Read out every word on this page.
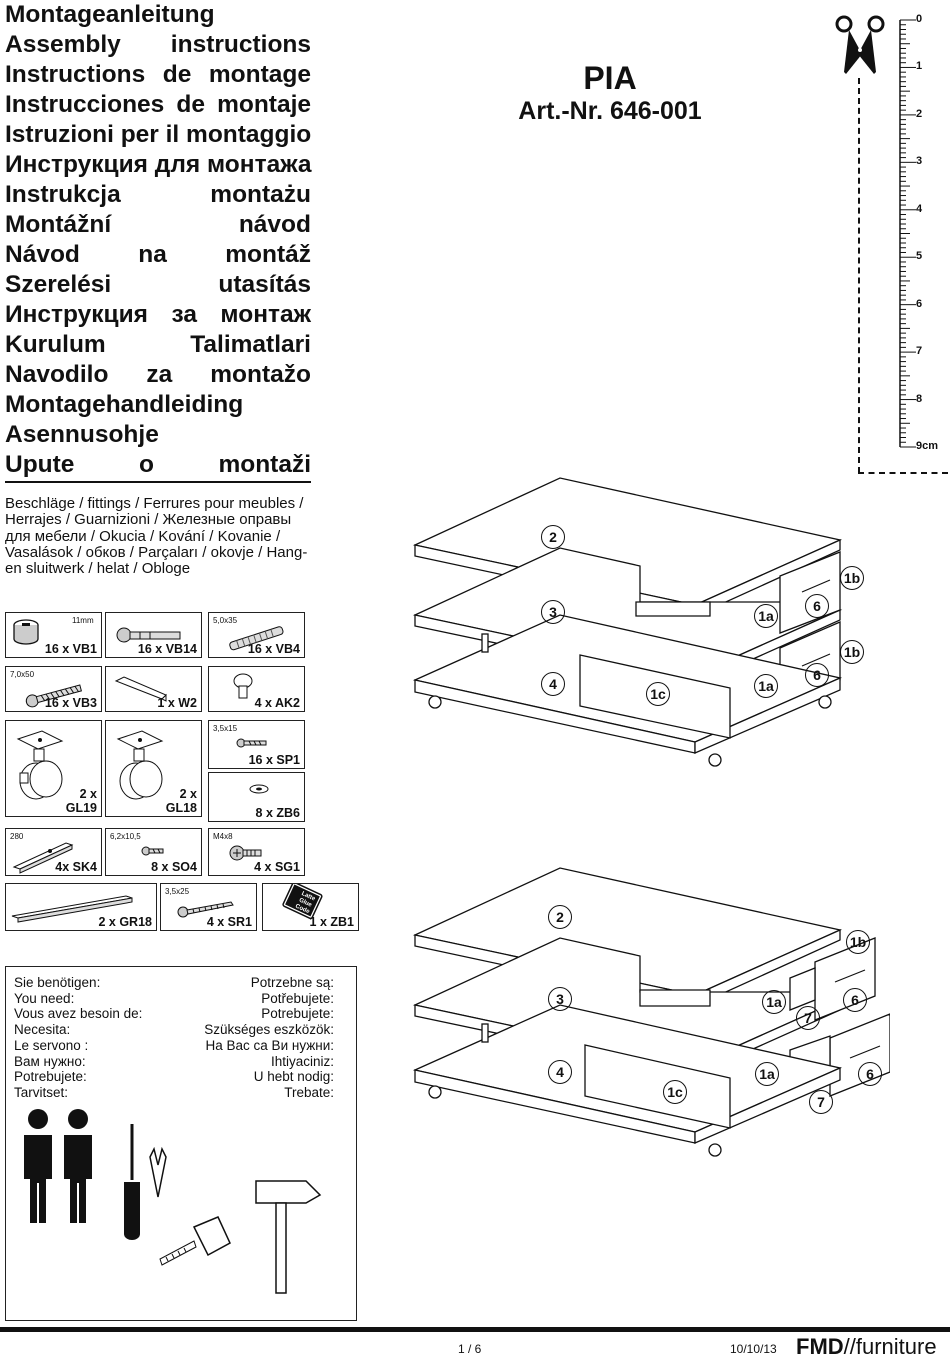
Montageanleitung
Assembly instructions
Instructions de montage
Instrucciones de montaje
Istruzioni per il montaggio
Инструкция для монтажа
Instrukcja montażu
Montážní návod
Návod na montáž
Szerelési utasítás
Инструкция за монтаж
Kurulum Talimatlari
Navodilo za montažo
Montagehandleiding
Asennusohje
Upute o montaži
PIA
Art.-Nr. 646-001
0
1
2
3
4
5
6
7
8
9cm
Beschläge / fittings / Ferrures pour meubles / Herrajes / Guarnizioni / Железные оправы для мебели / Okucia / Kování / Kovanie / Vasalások / обков / Parçaları / okovje / Hang- en sluitwerk / helat / Obloge
11mm
16 x VB1	16 x VB14
5,0x35
16 x VB4
7,0x50
16 x VB3	1 x W2	4 x AK2
2 x
GL19
2 x
GL18
3,5x15
16 x SP1
8 x ZB6
280
4x SK4
6,2x10,5
8 x SO4
M4x8
4 x SG1
2 x GR18
3,5x25
4 x SR1
Latte Glue Code
1 x ZB1
Sie benötigen:
You need:
Vous avez besoin de:
Necesita:
Le servono :
Вам нужно:
Potrebujete:
Tarvitset:
Potrzebne są:
Potřebujete:
Potrebujete:
Szükséges eszközök:
На Вас са Ви нужни:
Ihtiyaciniz:
U hebt nodig:
Trebate:
2
3
4
1a
1a
1b
1b
6
6
1c
2
3
4
1a
1a
1b
6
6
7
7
1c
1 / 6	10/10/13 FMD//furniture
